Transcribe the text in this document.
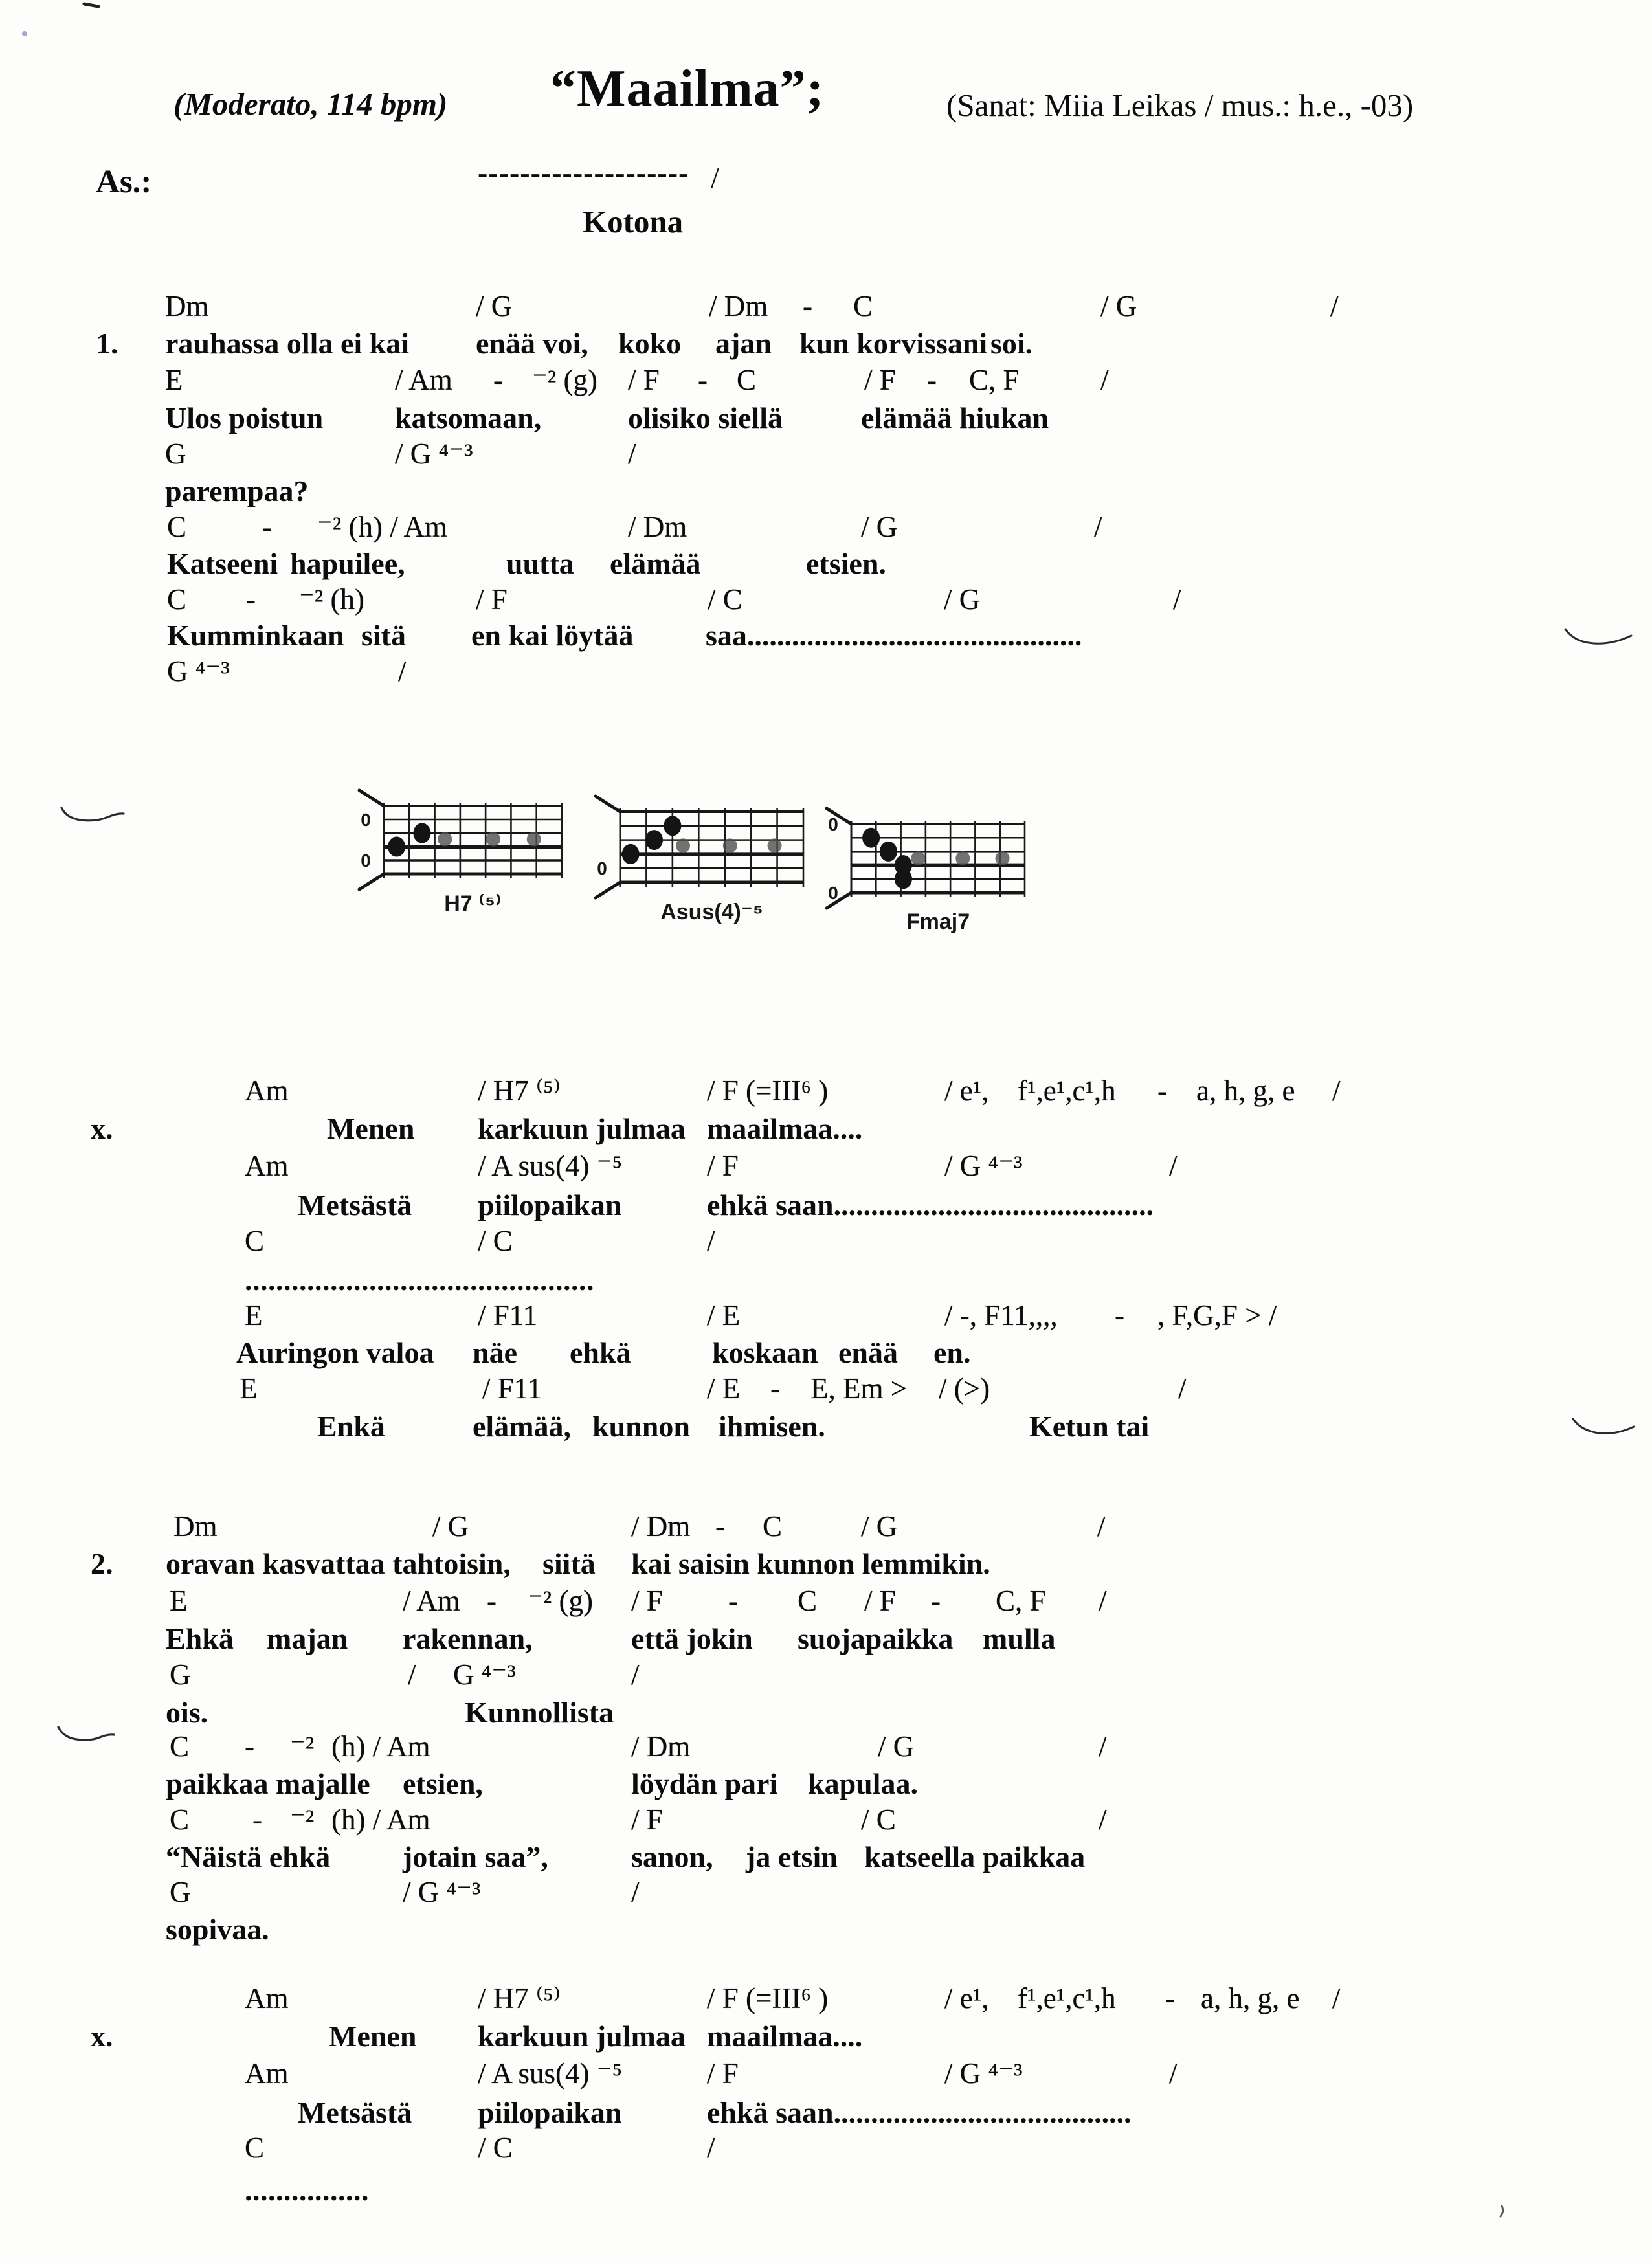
(Moderato, 114 bpm) “Maailma”;	(Sanat: Miia Leikas / mus.: h.e., -03)
As.:	-------------------- /
Kotona
Dm	/ G	/ Dm - C	/ G	/
1. rauhassa olla ei kai enää voi, koko ajan kun korvissani soi.
E	/ Am - ⁻² (g) / F - C	/ F - C, F	/
Ulos poistun katsomaan,	olisiko siellä	elämää hiukan
G	/ G ⁴⁻³	/
parempaa?
C	- ⁻² (h) / Am	/ Dm	/ G	/
Katseeni hapuilee,	uutta elämää	etsien.
C - ⁻² (h)	/ F	/ C	/ G	/
Kumminkaan sitä en kai löytää saa.............................................
G ⁴⁻³	/
Am	/ H7 ⁽⁵⁾	/ F (=III⁶ )	/ e¹, f¹,e¹,c¹,h - a, h, g, e /
x.	Menen karkuun julmaa maailmaa....
Am	/ A sus(4) ⁻⁵	/ F	/ G ⁴⁻³	/
Metsästä piilopaikan	ehkä saan...........................................
C	/ C	/
.............................................
E	/ F11	/ E	/ -, F11,,,, - , F,G,F > /
Auringon valoa näe ehkä	koskaan enää en.
E	/ F11	/ E - E, Em > / (>)	/
Enkä	elämää, kunnon ihmisen.	Ketun tai
Dm	/ G	/ Dm - C	/ G	/
2. oravan kasvattaa tahtoisin, siitä kai saisin kunnon lemmikin.
E	/ Am - ⁻² (g) / F - C / F - C, F /
Ehkä majan rakennan,	että jokin suojapaikka mulla
G	/ G ⁴⁻³	/
ois.	Kunnollista
C - ⁻² (h) / Am	/ Dm	/ G	/
paikkaa majalle etsien,	löydän pari kapulaa.
C - ⁻² (h) / Am	/ F	/ C	/
“Näistä ehkä jotain saa”,	sanon, ja etsin katseella paikkaa
G	/ G ⁴⁻³	/
sopivaa.
Am	/ H7 ⁽⁵⁾	/ F (=III⁶ )	/ e¹, f¹,e¹,c¹,h - a, h, g, e /
x.	Menen karkuun julmaa maailmaa....
Am	/ A sus(4) ⁻⁵	/ F	/ G ⁴⁻³	/
Metsästä piilopaikan	ehkä saan........................................
C	/ C	/
................
0
0
H7 ⁽⁵⁾
0
Asus(4)⁻⁵
0
0
Fmaj7
